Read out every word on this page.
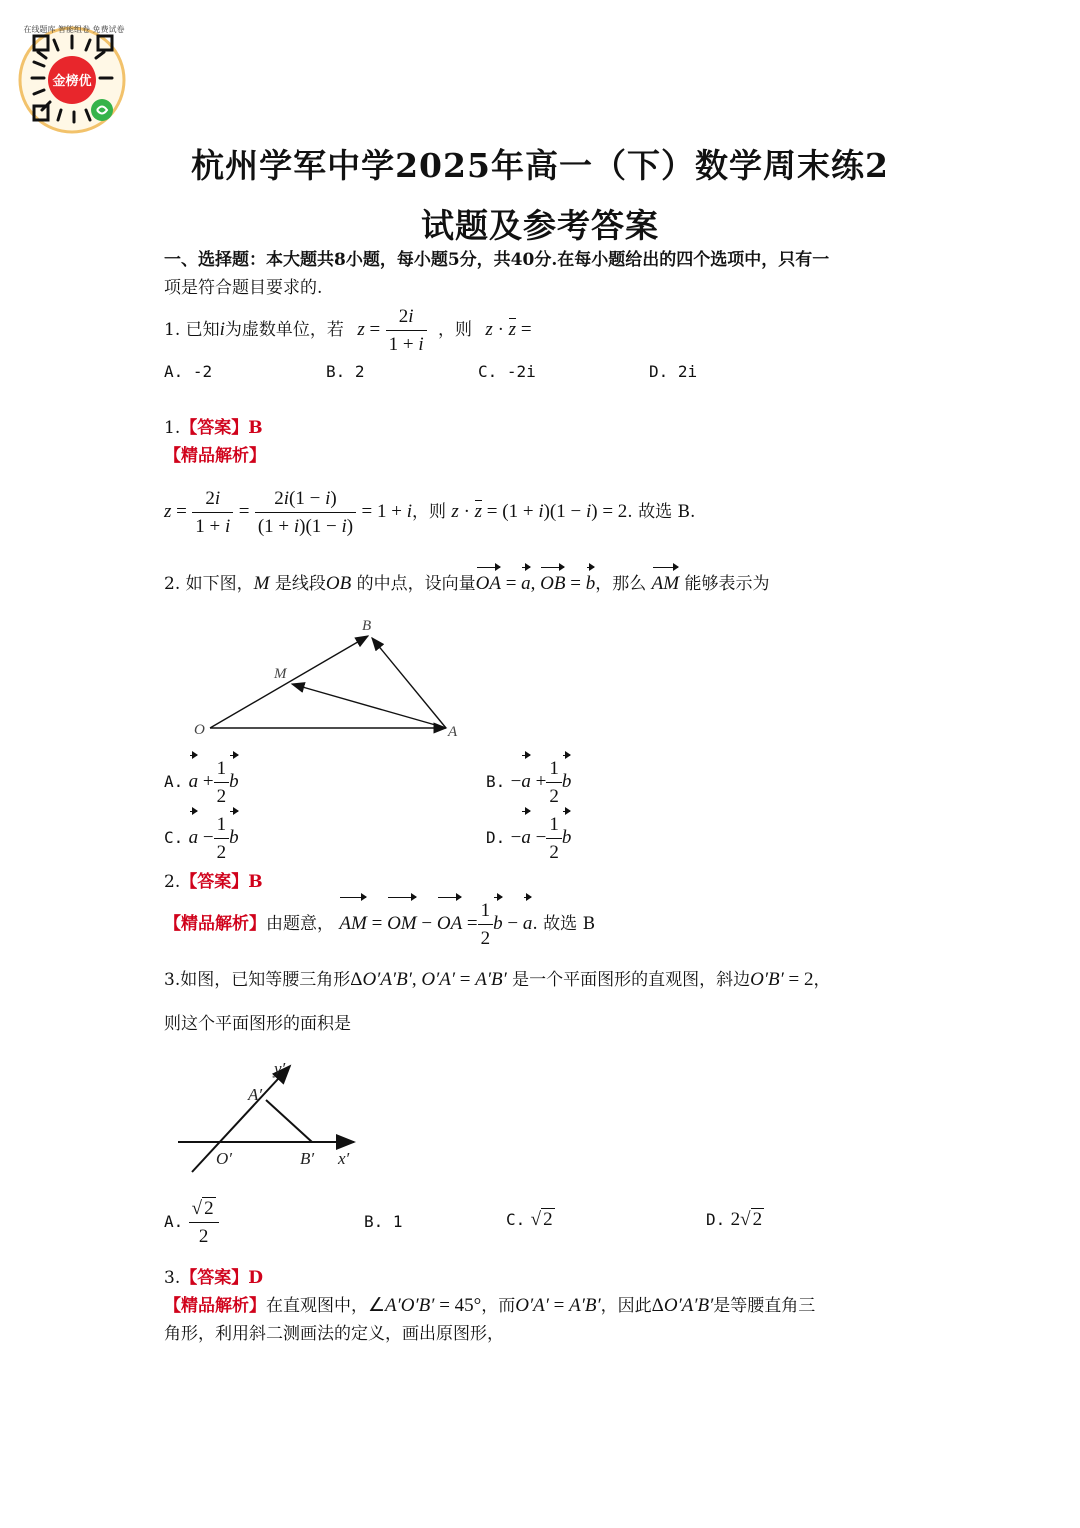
金榜优
在线题库 智能组卷 免费试卷
杭州学军中学2025年高一（下）数学周末练2
试题及参考答案
一、选择题：本大题共8小题，每小题5分，共40分.在每小题给出的四个选项中，只有一
项是符合题目要求的.
1. 已知i为虚数单位，若 $z = \frac{2i}{1 + i}$ ，则 z · z =
A. -2	B. 2	C. -2i	D. 2i
1.【答案】B
【精品解析】
$z = \frac{2i}{1 + i} = \frac{2i(1 - i)}{(1 + i)(1 - i)} = 1 + i$，则 z · z = (1 + i)(1 − i) = 2. 故选 B.
2. 如下图，M 是线段OB 的中点，设向量OA = a, OB = b，那么 AM 能够表示为
O	A
B
M
A. $a + \frac{1}{2}$ b	B. $-a + \frac{1}{2}$ b
C. $a - \frac{1}{2}$ b	D. $-a - \frac{1}{2}$ b
2.【答案】B
【精品解析】由题意， AM = OM − OA = $\frac{1}{2}$ b − a. 故选 B
3.如图，已知等腰三角形ΔO′A′B′, O′A′ = A′B′ 是一个平面图形的直观图，斜边O′B′ = 2，
则这个平面图形的面积是
O′
A′
B′ x′
y′
A. $\frac{√ 2}{2}$	B. 1	C. √ 2	D. 2√ 2
3.【答案】D
【精品解析】在直观图中，∠A′O′B′ = 45°，而O′A′ = A′B′，因此ΔO′A′B′是等腰直角三
角形，利用斜二测画法的定义，画出原图形，
